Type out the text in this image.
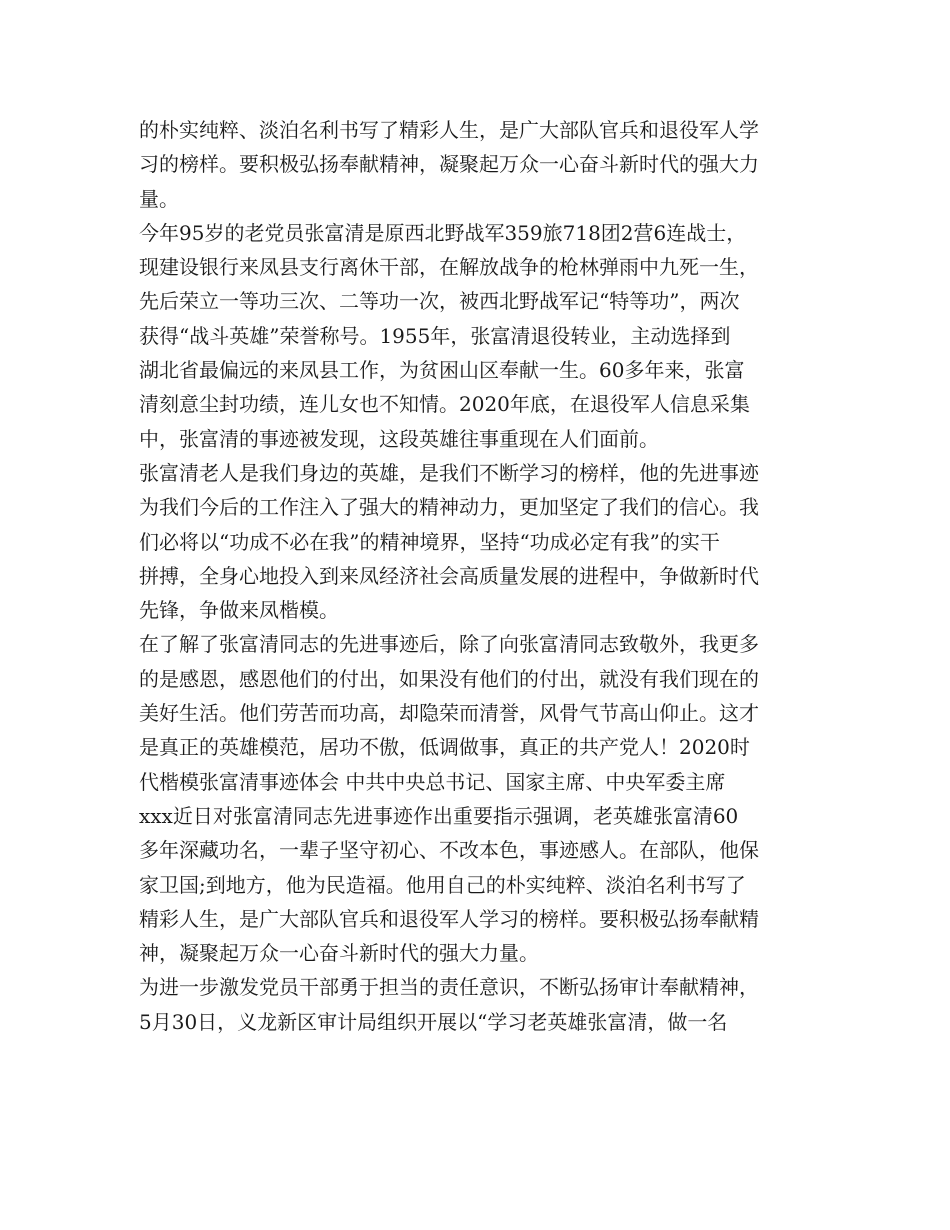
的朴实纯粹、淡泊名利书写了精彩人生，是广大部队官兵和退役军人学
习的榜样。要积极弘扬奉献精神，凝聚起万众一心奋斗新时代的强大力
量。
今年95岁的老党员张富清是原西北野战军359旅718团2营6连战士，
现建设银行来凤县支行离休干部，在解放战争的枪林弹雨中九死一生，
先后荣立一等功三次、二等功一次，被西北野战军记“特等功”，两次
获得“战斗英雄”荣誉称号。1955年，张富清退役转业，主动选择到
湖北省最偏远的来凤县工作，为贫困山区奉献一生。60多年来，张富
清刻意尘封功绩，连儿女也不知情。2020年底，在退役军人信息采集
中，张富清的事迹被发现，这段英雄往事重现在人们面前。
张富清老人是我们身边的英雄，是我们不断学习的榜样，他的先进事迹
为我们今后的工作注入了强大的精神动力，更加坚定了我们的信心。我
们必将以“功成不必在我”的精神境界，坚持“功成必定有我”的实干
拼搏，全身心地投入到来凤经济社会高质量发展的进程中，争做新时代
先锋，争做来凤楷模。
在了解了张富清同志的先进事迹后，除了向张富清同志致敬外，我更多
的是感恩，感恩他们的付出，如果没有他们的付出，就没有我们现在的
美好生活。他们劳苦而功高，却隐荣而清誉，风骨气节高山仰止。这才
是真正的英雄模范，居功不傲，低调做事，真正的共产党人！2020时
代楷模张富清事迹体会 中共中央总书记、国家主席、中央军委主席
xxx近日对张富清同志先进事迹作出重要指示强调，老英雄张富清60
多年深藏功名，一辈子坚守初心、不改本色，事迹感人。在部队，他保
家卫国;到地方，他为民造福。他用自己的朴实纯粹、淡泊名利书写了
精彩人生，是广大部队官兵和退役军人学习的榜样。要积极弘扬奉献精
神，凝聚起万众一心奋斗新时代的强大力量。
为进一步激发党员干部勇于担当的责任意识，不断弘扬审计奉献精神，
5月30日，义龙新区审计局组织开展以“学习老英雄张富清，做一名
